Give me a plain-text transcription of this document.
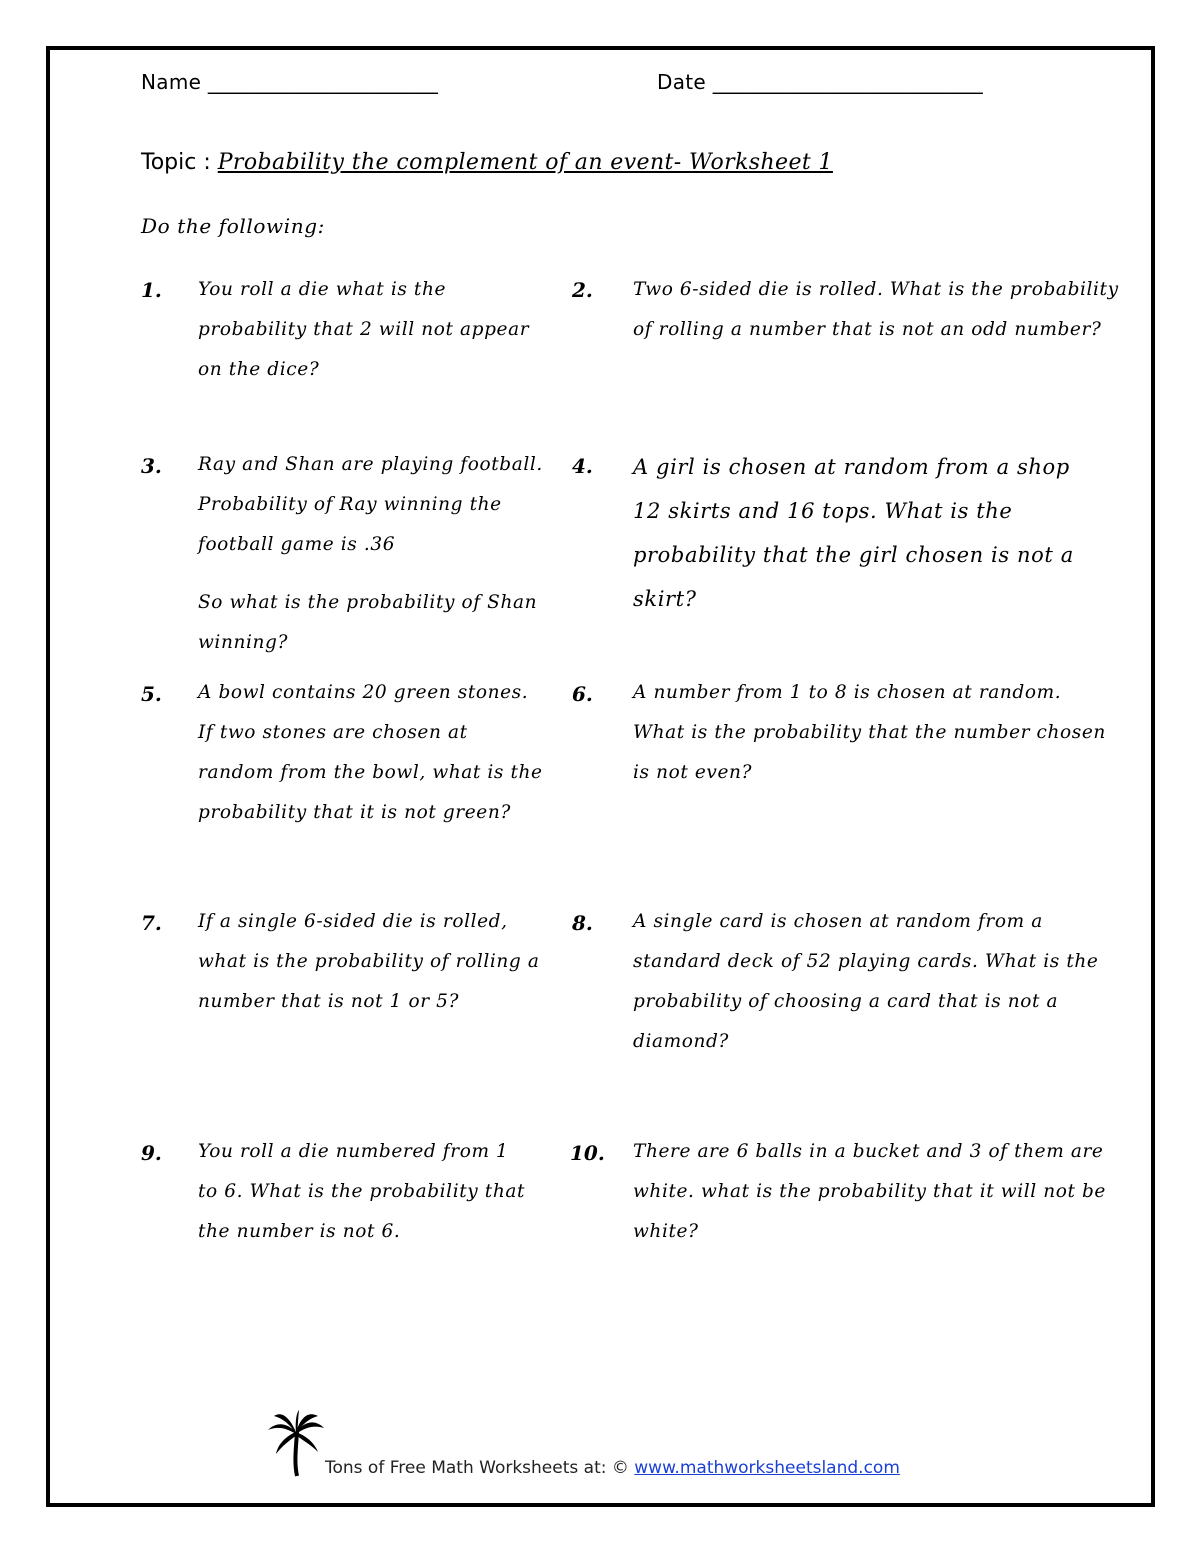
Name _______________________	Date ___________________________
Topic : Probability the complement of an event- Worksheet 1
Do the following:
1. You roll a die what is the probability that 2 will not appear on the dice?

2. Two 6-sided die is rolled. What is the probability of rolling a number that is not an odd number?

3. Ray and Shan are playing football. Probability of Ray winning the football game is .36

So what is the probability of Shan winning?

4. A girl is chosen at random from a shop 12 skirts and 16 tops. What is the probability that the girl chosen is not a skirt?

5. A bowl contains 20 green stones. If two stones are chosen at random from the bowl, what is the probability that it is not green?

6. A number from 1 to 8 is chosen at random. What is the probability that the number chosen is not even?

7. If a single 6-sided die is rolled, what is the probability of rolling a number that is not 1 or 5?

8. A single card is chosen at random from a standard deck of 52 playing cards. What is the probability of choosing a card that is not a diamond?

9. You roll a die numbered from 1 to 6. What is the probability that the number is not 6.

10. There are 6 balls in a bucket and 3 of them are white. what is the probability that it will not be white?

Tons of Free Math Worksheets at: © www.mathworksheetsland.com
